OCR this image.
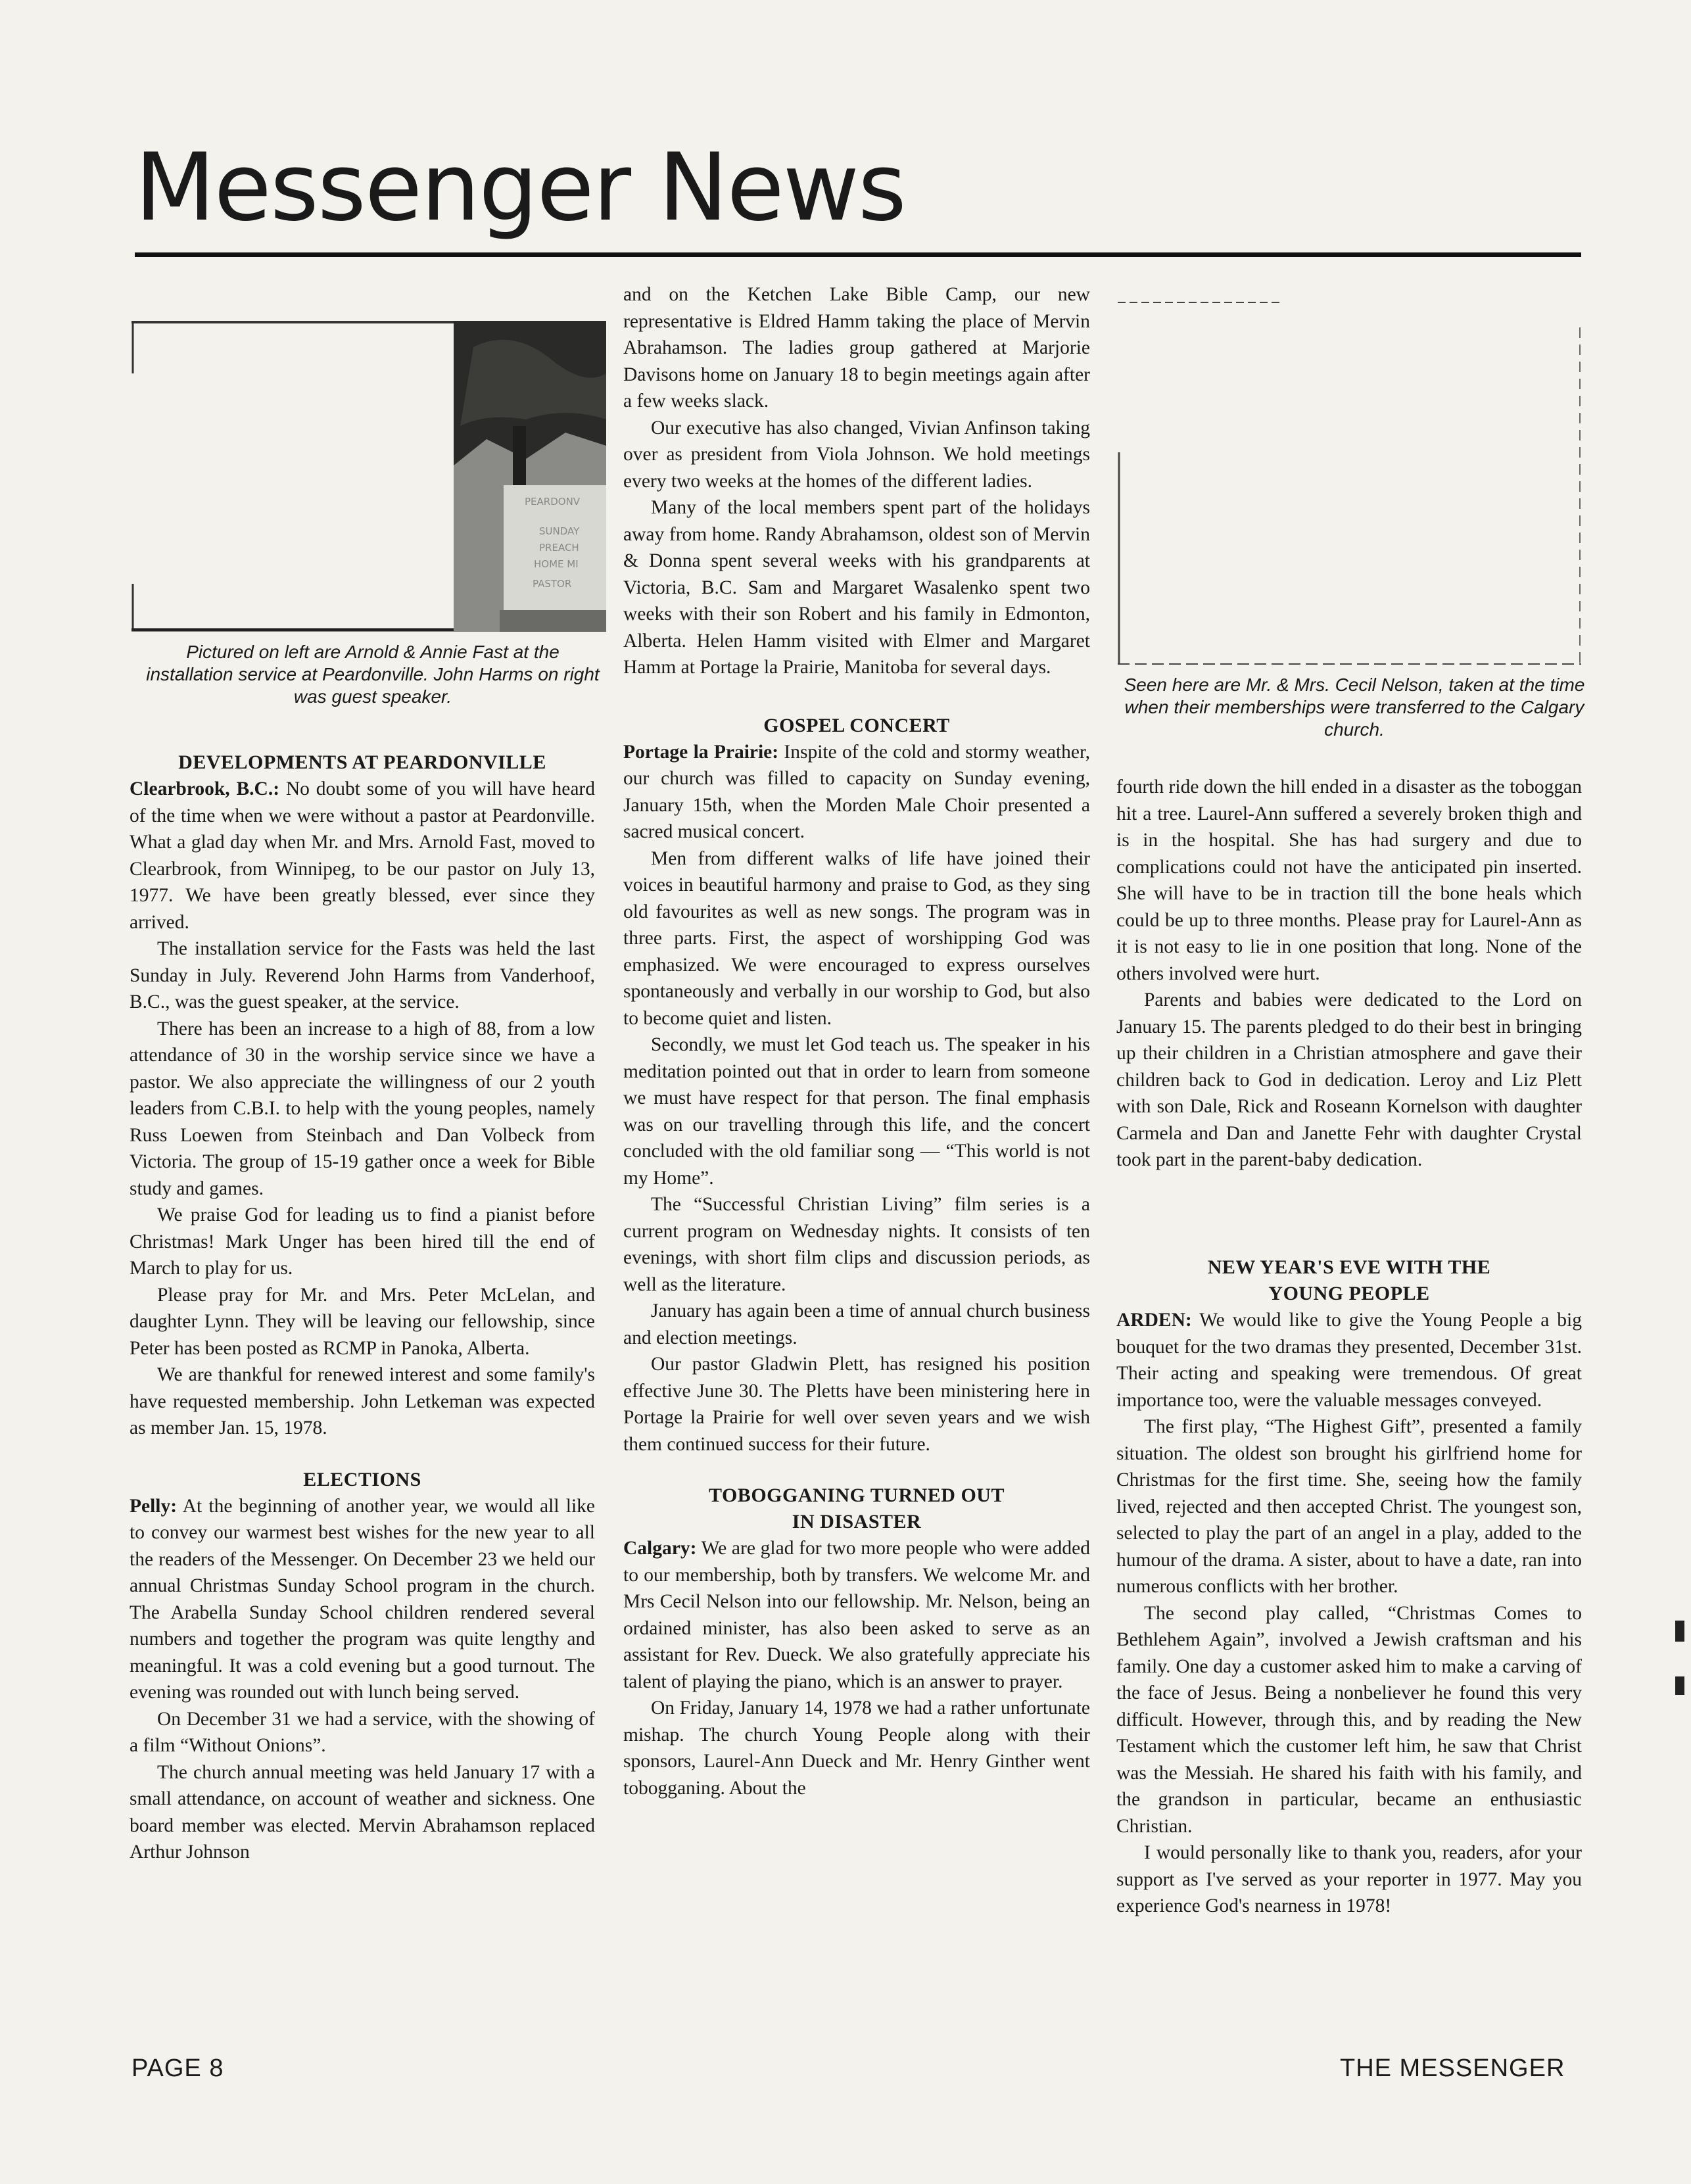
Messenger News
PEARDONV
SUNDAY
PREACH
HOME MI
PASTOR
Pictured on left are Arnold & Annie Fast at the installation service at Peardonville. John Harms on right was guest speaker.
Seen here are Mr. & Mrs. Cecil Nelson, taken at the time when their memberships were transferred to the Calgary church.
DEVELOPMENTS AT PEARDONVILLE

Clearbrook, B.C.: No doubt some of you will have heard of the time when we were without a pastor at Peardonville. What a glad day when Mr. and Mrs. Arnold Fast, moved to Clearbrook, from Winnipeg, to be our pastor on July 13, 1977. We have been greatly blessed, ever since they arrived.

The installation service for the Fasts was held the last Sunday in July. Reverend John Harms from Vanderhoof, B.C., was the guest speaker, at the service.

There has been an increase to a high of 88, from a low attendance of 30 in the worship service since we have a pastor. We also appreciate the willingness of our 2 youth leaders from C.B.I. to help with the young peoples, namely Russ Loewen from Steinbach and Dan Volbeck from Victoria. The group of 15-19 gather once a week for Bible study and games.

We praise God for leading us to find a pianist before Christmas! Mark Unger has been hired till the end of March to play for us.

Please pray for Mr. and Mrs. Peter McLelan, and daughter Lynn. They will be leaving our fellowship, since Peter has been posted as RCMP in Panoka, Alberta.

We are thankful for renewed interest and some family's have requested membership. John Letkeman was expected as member Jan. 15, 1978.

ELECTIONS

Pelly: At the beginning of another year, we would all like to convey our warmest best wishes for the new year to all the readers of the Messenger. On December 23 we held our annual Christmas Sunday School program in the church. The Arabella Sunday School children rendered several numbers and together the program was quite lengthy and meaningful. It was a cold evening but a good turnout. The evening was rounded out with lunch being served.

On December 31 we had a service, with the showing of a film “Without Onions”.

The church annual meeting was held January 17 with a small attendance, on account of weather and sickness. One board member was elected. Mervin Abrahamson replaced Arthur Johnson

and on the Ketchen Lake Bible Camp, our new representative is Eldred Hamm taking the place of Mervin Abrahamson. The ladies group gathered at Marjorie Davisons home on January 18 to begin meetings again after a few weeks slack.

Our executive has also changed, Vivian Anfinson taking over as president from Viola Johnson. We hold meetings every two weeks at the homes of the different ladies.

Many of the local members spent part of the holidays away from home. Randy Abrahamson, oldest son of Mervin & Donna spent several weeks with his grandparents at Victoria, B.C. Sam and Margaret Wasalenko spent two weeks with their son Robert and his family in Edmonton, Alberta. Helen Hamm visited with Elmer and Margaret Hamm at Portage la Prairie, Manitoba for several days.

GOSPEL CONCERT

Portage la Prairie: Inspite of the cold and stormy weather, our church was filled to capacity on Sunday evening, January 15th, when the Morden Male Choir presented a sacred musical concert.

Men from different walks of life have joined their voices in beautiful harmony and praise to God, as they sing old favourites as well as new songs. The program was in three parts. First, the aspect of worshipping God was emphasized. We were encouraged to express ourselves spontaneously and verbally in our worship to God, but also to become quiet and listen.

Secondly, we must let God teach us. The speaker in his meditation pointed out that in order to learn from someone we must have respect for that person. The final emphasis was on our travelling through this life, and the concert concluded with the old familiar song — “This world is not my Home”.

The “Successful Christian Living” film series is a current program on Wednesday nights. It consists of ten evenings, with short film clips and discussion periods, as well as the literature.

January has again been a time of annual church business and election meetings.

Our pastor Gladwin Plett, has resigned his position effective June 30. The Pletts have been ministering here in Portage la Prairie for well over seven years and we wish them continued success for their future.

TOBOGGANING TURNED OUT
IN DISASTER

Calgary: We are glad for two more people who were added to our membership, both by transfers. We welcome Mr. and Mrs Cecil Nelson into our fellowship. Mr. Nelson, being an ordained minister, has also been asked to serve as an assistant for Rev. Dueck. We also gratefully appreciate his talent of playing the piano, which is an answer to prayer.

On Friday, January 14, 1978 we had a rather unfortunate mishap. The church Young People along with their sponsors, Laurel-Ann Dueck and Mr. Henry Ginther went tobogganing. About the

fourth ride down the hill ended in a disaster as the toboggan hit a tree. Laurel-Ann suffered a severely broken thigh and is in the hospital. She has had surgery and due to complications could not have the anticipated pin inserted. She will have to be in traction till the bone heals which could be up to three months. Please pray for Laurel-Ann as it is not easy to lie in one position that long. None of the others involved were hurt.

Parents and babies were dedicated to the Lord on January 15. The parents pledged to do their best in bringing up their children in a Christian atmosphere and gave their children back to God in dedication. Leroy and Liz Plett with son Dale, Rick and Roseann Kornelson with daughter Carmela and Dan and Janette Fehr with daughter Crystal took part in the parent-baby dedication.

NEW YEAR'S EVE WITH THE
YOUNG PEOPLE

ARDEN: We would like to give the Young People a big bouquet for the two dramas they presented, December 31st. Their acting and speaking were tremendous. Of great importance too, were the valuable messages conveyed.

The first play, “The Highest Gift”, presented a family situation. The oldest son brought his girlfriend home for Christmas for the first time. She, seeing how the family lived, rejected and then accepted Christ. The youngest son, selected to play the part of an angel in a play, added to the humour of the drama. A sister, about to have a date, ran into numerous conflicts with her brother.

The second play called, “Christmas Comes to Bethlehem Again”, involved a Jewish craftsman and his family. One day a customer asked him to make a carving of the face of Jesus. Being a nonbeliever he found this very difficult. However, through this, and by reading the New Testament which the customer left him, he saw that Christ was the Messiah. He shared his faith with his family, and the grandson in particular, became an enthusiastic Christian.

I would personally like to thank you, readers, afor your support as I've served as your reporter in 1977. May you experience God's nearness in 1978!

PAGE 8	THE MESSENGER
